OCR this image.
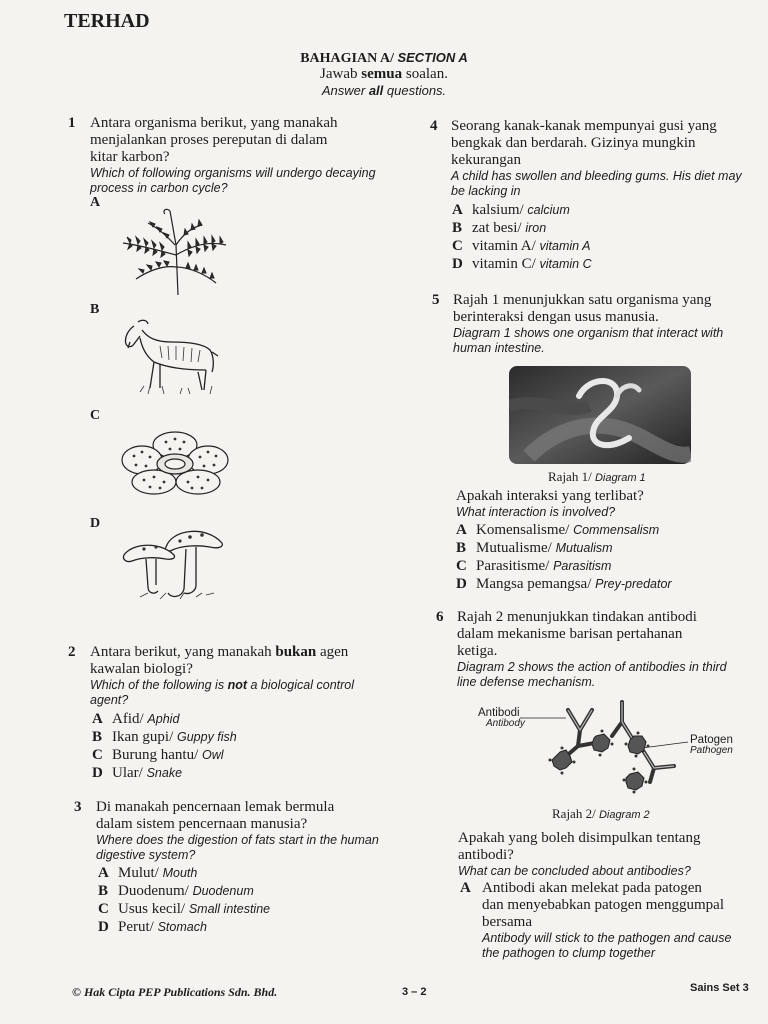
TERHAD
BAHAGIAN A/ SECTION A
Jawab semua soalan.
Answer all questions.
1 Antara organisma berikut, yang manakah
menjalankan proses pereputan di dalam
kitar karbon?
Which of following organisms will undergo decaying
process in carbon cycle?
A
B
C
D
2 Antara berikut, yang manakah bukan agen
kawalan biologi?
Which of the following is not a biological control
agent?
A Afid/ Aphid
B Ikan gupi/ Guppy fish
C Burung hantu/ Owl
D Ular/ Snake
3 Di manakah pencernaan lemak bermula
dalam sistem pencernaan manusia?
Where does the digestion of fats start in the human
digestive system?
A Mulut/ Mouth
B Duodenum/ Duodenum
C Usus kecil/ Small intestine
D Perut/ Stomach
4 Seorang kanak-kanak mempunyai gusi yang
bengkak dan berdarah. Gizinya mungkin
kekurangan
A child has swollen and bleeding gums. His diet may
be lacking in
A kalsium/ calcium
B zat besi/ iron
C vitamin A/ vitamin A
D vitamin C/ vitamin C
5 Rajah 1 menunjukkan satu organisma yang
berinteraksi dengan usus manusia.
Diagram 1 shows one organism that interact with
human intestine.
Rajah 1/ Diagram 1
Apakah interaksi yang terlibat?
What interaction is involved?
A Komensalisme/ Commensalism
B Mutualisme/ Mutualism
C Parasitisme/ Parasitism
D Mangsa pemangsa/ Prey-predator
6 Rajah 2 menunjukkan tindakan antibodi
dalam mekanisme barisan pertahanan
ketiga.
Diagram 2 shows the action of antibodies in third
line defense mechanism.
Antibodi
Antibody
Patogen
Pathogen
Rajah 2/ Diagram 2
Apakah yang boleh disimpulkan tentang
antibodi?
What can be concluded about antibodies?
A Antibodi akan melekat pada patogen
dan menyebabkan patogen menggumpal
bersama
Antibody will stick to the pathogen and cause
the pathogen to clump together
© Hak Cipta PEP Publications Sdn. Bhd.	3 – 2	Sains Set 3
